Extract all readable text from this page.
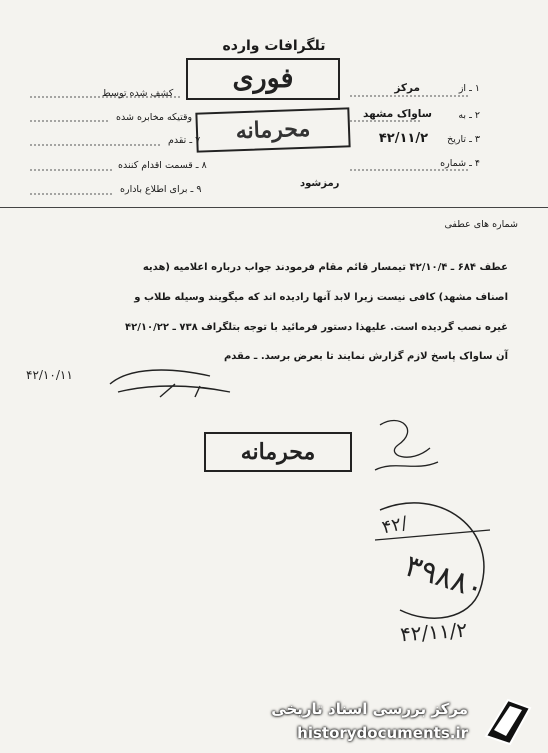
تلگرافات وارده
۱ ـ از
مرکز
۲ ـ به
ساواک مشهد
۳ ـ تاریخ
۴۲/۱۱/۲
۴ ـ شماره
کشف شده توسط
وقتیکه مخابره شده
۷ ـ تقدم
۸ ـ قسمت اقدام کننده
۹ ـ برای اطلاع باداره
رمزشود
فوری
محرمانه
شماره های عطفی
عطف ۶۸۴ ـ ۴۲/۱۰/۴ تیمسار قائم مقام فرمودند جواب درباره اعلامیه (هدیه
اصناف مشهد) کافی نیست زیرا لابد آنها رادیده اند که میگویند وسیله طلاب و
غیره نصب گردیده است. علیهذا دستور فرمائید با توجه بتلگراف ۷۳۸ ـ ۴۲/۱۰/۲۲
آن ساواک پاسخ لازم گزارش نمایند تا بعرض برسد. ـ مقدم
محرمانه
۴۲/۱۰/۱۱
۴۲/
۳۹۸۸۰
۴۲/۱۱/۲
مرکز بررسی اسناد تاریخی
historydocuments.ir
